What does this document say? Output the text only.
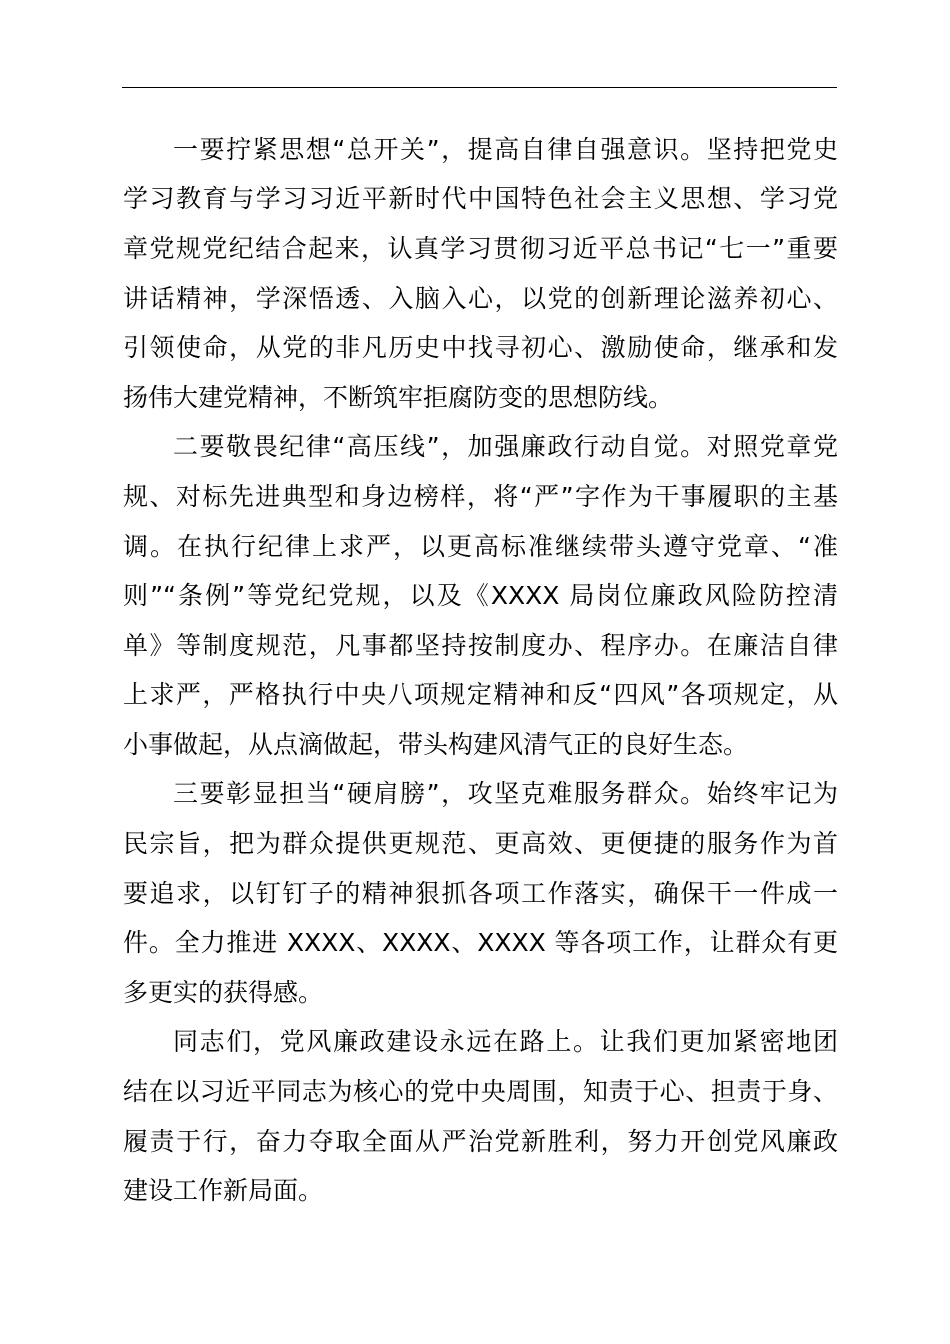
一要拧紧思想“总开关”，提高自律自强意识。坚持把党史
学习教育与学习习近平新时代中国特色社会主义思想、学习党
章党规党纪结合起来，认真学习贯彻习近平总书记“七一”重要
讲话精神，学深悟透、入脑入心，以党的创新理论滋养初心、
引领使命，从党的非凡历史中找寻初心、激励使命，继承和发
扬伟大建党精神，不断筑牢拒腐防变的思想防线。
二要敬畏纪律“高压线”，加强廉政行动自觉。对照党章党
规、对标先进典型和身边榜样，将“严”字作为干事履职的主基
调。在执行纪律上求严，以更高标准继续带头遵守党章、“准
则”“条例”等党纪党规，以及《XXXX 局岗位廉政风险防控清
单》等制度规范，凡事都坚持按制度办、程序办。在廉洁自律
上求严，严格执行中央八项规定精神和反“四风”各项规定，从
小事做起，从点滴做起，带头构建风清气正的良好生态。
三要彰显担当“硬肩膀”，攻坚克难服务群众。始终牢记为
民宗旨，把为群众提供更规范、更高效、更便捷的服务作为首
要追求，以钉钉子的精神狠抓各项工作落实，确保干一件成一
件。全力推进 XXXX、XXXX、XXXX 等各项工作，让群众有更
多更实的获得感。
同志们，党风廉政建设永远在路上。让我们更加紧密地团
结在以习近平同志为核心的党中央周围，知责于心、担责于身、
履责于行，奋力夺取全面从严治党新胜利，努力开创党风廉政
建设工作新局面。
